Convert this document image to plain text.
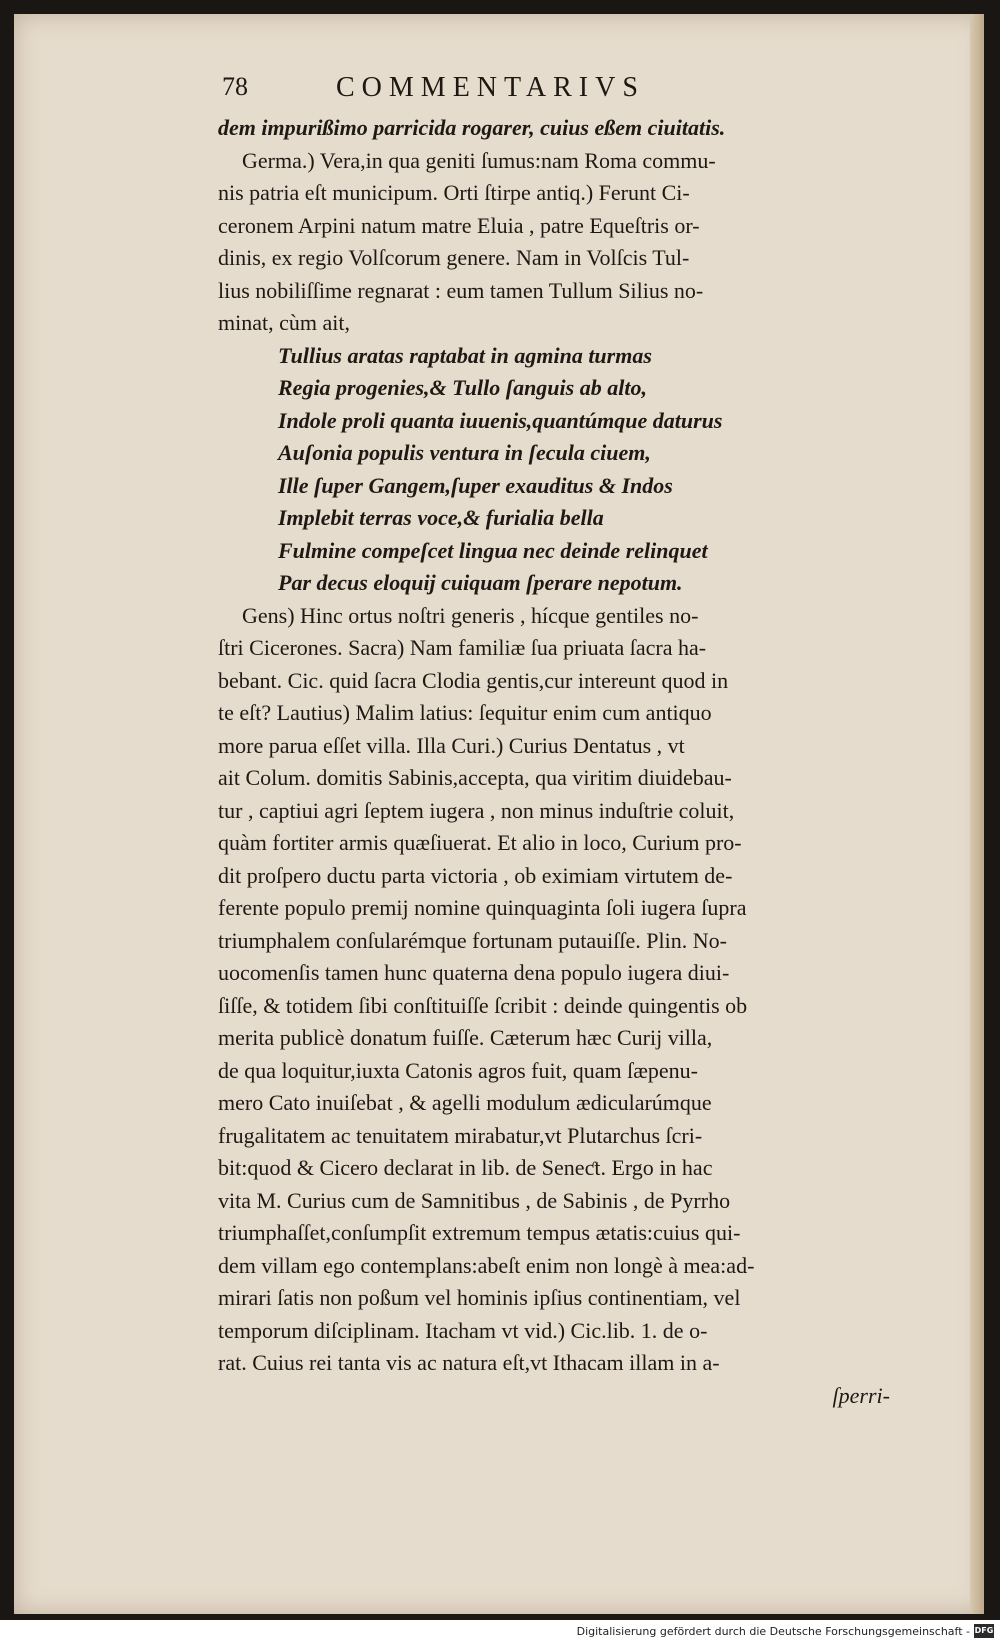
78	COMMENTARIVS
dem impurißimo parricida rogarer, cuius eßem ciuitatis.
Germa.) Vera,in qua geniti ſumus:nam Roma commu-
nis patria eſt municipum. Orti ſtirpe antiq.) Ferunt Ci-
ceronem Arpini natum matre Eluia , patre Equeſtris or-
dinis, ex regio Volſcorum genere. Nam in Volſcis Tul-
lius nobiliſſime regnarat : eum tamen Tullum Silius no-
minat, cùm ait,
Tullius aratas raptabat in agmina turmas
Regia progenies,& Tullo ſanguis ab alto,
Indole proli quanta iuuenis,quantúmque daturus
Auſonia populis ventura in ſecula ciuem,
Ille ſuper Gangem,ſuper exauditus & Indos
Implebit terras voce,& furialia bella
Fulmine compeſcet lingua nec deinde relinquet
Par decus eloquij cuiquam ſperare nepotum.
Gens) Hinc ortus noſtri generis , hícque gentiles no-
ſtri Cicerones. Sacra) Nam familiæ ſua priuata ſacra ha-
bebant. Cic. quid ſacra Clodia gentis,cur intereunt quod in
te eſt? Lautius) Malim latius: ſequitur enim cum antiquo
more parua eſſet villa. Illa Curi.) Curius Dentatus , vt
ait Colum. domitis Sabinis,accepta, qua viritim diuidebau-
tur , captiui agri ſeptem iugera , non minus induſtrie coluit,
quàm fortiter armis quæſiuerat. Et alio in loco, Curium pro-
dit proſpero ductu parta victoria , ob eximiam virtutem de-
ferente populo premij nomine quinquaginta ſoli iugera ſupra
triumphalem conſularémque fortunam putauiſſe. Plin. No-
uocomenſis tamen hunc quaterna dena populo iugera diui-
ſiſſe, & totidem ſibi conſtituiſſe ſcribit : deinde quingentis ob
merita publicè donatum fuiſſe. Cæterum hæc Curij villa,
de qua loquitur,iuxta Catonis agros fuit, quam ſæpenu-
mero Cato inuiſebat , & agelli modulum ædicularúmque
frugalitatem ac tenuitatem mirabatur,vt Plutarchus ſcri-
bit:quod & Cicero declarat in lib. de Seneƈt. Ergo in hac
vita M. Curius cum de Samnitibus , de Sabinis , de Pyrrho
triumphaſſet,conſumpſit extremum tempus ætatis:cuius qui-
dem villam ego contemplans:abeſt enim non longè à mea:ad-
mirari ſatis non poßum vel hominis ipſius continentiam, vel
temporum diſciplinam. Itacham vt vid.) Cic.lib. 1. de o-
rat. Cuius rei tanta vis ac natura eſt,vt Ithacam illam in a-
ſperri-
Digitalisierung gefördert durch die Deutsche Forschungsgemeinschaft - DFG
